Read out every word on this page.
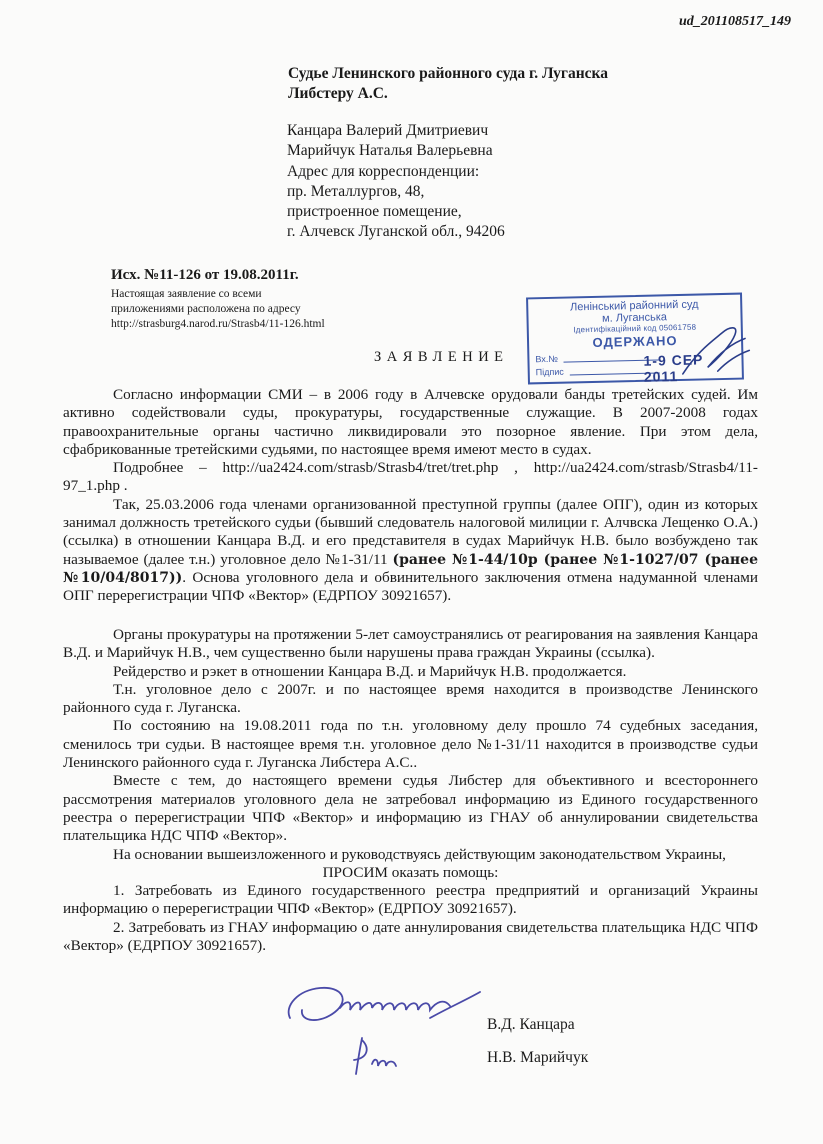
ud_201108517_149
Судье Ленинского районного суда г. Луганска
Либстеру А.С.
Канцара Валерий Дмитриевич
Марийчук Наталья Валерьевна
Адрес для корреспонденции:
пр. Металлургов, 48,
пристроенное помещение,
г. Алчевск Луганской обл., 94206
Исх. №11-126 от 19.08.2011г.
Настоящая заявление со всеми
приложениями расположена по адресу
http://strasburg4.narod.ru/Strasb4/11-126.html
Ленінський районний суд
м. Луганська
Ідентифікаційний код 05061758
ОДЕРЖАНО
Вх.№
Підпис
1-9 СЕР 2011
ЗАЯВЛЕНИЕ

Согласно информации СМИ – в 2006 году в Алчевске орудовали банды третейских судей. Им активно содействовали суды, прокуратуры, государственные служащие. В 2007-2008 годах правоохранительные органы частично ликвидировали это позорное явление. При этом дела, сфабрикованные третейскими судьями, по настоящее время имеют место в судах.

Подробнее – http://ua2424.com/strasb/Strasb4/tret/tret.php , http://ua2424.com/strasb/Strasb4/11-97_1.php .

Так, 25.03.2006 года членами организованной преступной группы (далее ОПГ), один из которых занимал должность третейского судьи (бывший следователь налоговой милиции г. Алчвска Лещенко О.А.) (ссылка) в отношении Канцара В.Д. и его представителя в судах Марийчук Н.В. было возбуждено так называемое (далее т.н.) уголовное дело №1-31/11 (ранее №1-44/10р (ранее №1-1027/07 (ранее №10/04/8017)). Основа уголовного дела и обвинительного заключения отмена надуманной членами ОПГ перерегистрации ЧПФ «Вектор» (ЕДРПОУ 30921657).

Органы прокуратуры на протяжении 5-лет самоустранялись от реагирования на заявления Канцара В.Д. и Марийчук Н.В., чем существенно были нарушены права граждан Украины (ссылка).

Рейдерство и рэкет в отношении Канцара В.Д. и Марийчук Н.В. продолжается.

Т.н. уголовное дело с 2007г. и по настоящее время находится в производстве Ленинского районного суда г. Луганска.

По состоянию на 19.08.2011 года по т.н. уголовному делу прошло 74 судебных заседания, сменилось три судьи. В настоящее время т.н. уголовное дело №1-31/11 находится в производстве судьи Ленинского районного суда г. Луганска Либстера А.С..

Вместе с тем, до настоящего времени судья Либстер для объективного и всестороннего рассмотрения материалов уголовного дела не затребовал информацию из Единого государственного реестра о перерегистрации ЧПФ «Вектор» и информацию из ГНАУ об аннулировании свидетельства плательщика НДС ЧПФ «Вектор».

На основании вышеизложенного и руководствуясь действующим законодательством Украины,

ПРОСИМ оказать помощь:

1. Затребовать из Единого государственного реестра предприятий и организаций Украины информацию о перерегистрации ЧПФ «Вектор» (ЕДРПОУ 30921657).

2. Затребовать из ГНАУ информацию о дате аннулирования свидетельства плательщика НДС ЧПФ «Вектор» (ЕДРПОУ 30921657).

В.Д. Канцара
Н.В. Марийчук
